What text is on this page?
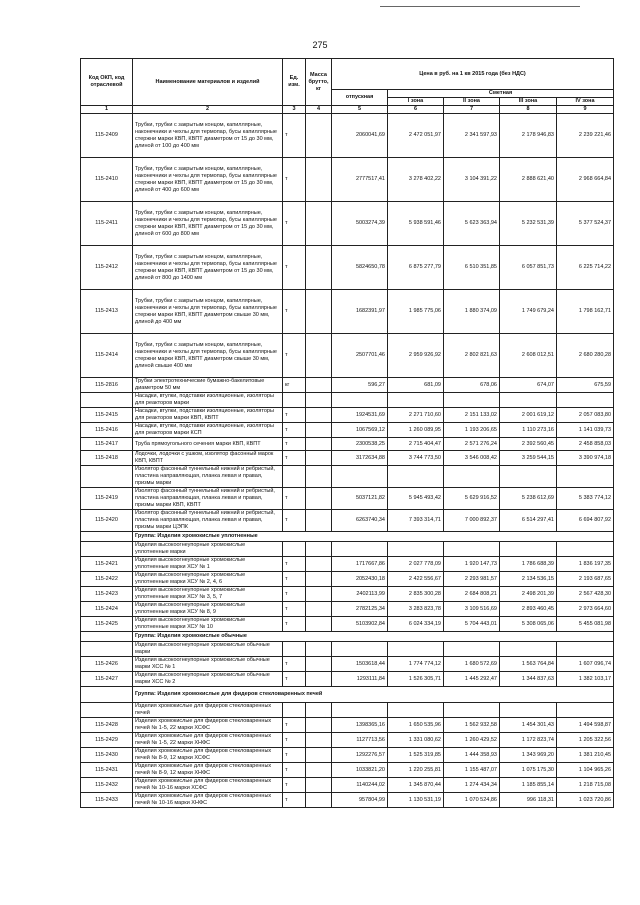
275
Код ОКП, код отраслевой	Наименование материалов и изделий	Ед. изм.	Масса брутто, кг	Цена в руб. на 1 кв 2015 года (без НДС)				
				отпускная	Сметная			
					I зона	II зона	III зона	IV зона
1	2	3	4	5	6	7	8	9
115-2409	Трубки, трубки с закрытым концом, капиллярные, наконечники и чехлы для термопар, бусы капиллярные стержни марки КВП, КВПТ диаметром от 15 до 30 мм, длиной от 100 до 400 мм	т		2060041,69	2 472 051,97	2 341 597,93	2 178 946,83	2 239 221,46
115-2410	Трубки, трубки с закрытым концом, капиллярные, наконечники и чехлы для термопар, бусы капиллярные стержни марки КВП, КВПТ диаметром от 15 до 30 мм, длиной от 400 до 600 мм	т		2777517,41	3 278 402,22	3 104 391,22	2 888 621,40	2 968 664,84
115-2411	Трубки, трубки с закрытым концом, капиллярные, наконечники и чехлы для термопар, бусы капиллярные стержни марки КВП, КВПТ диаметром от 15 до 30 мм, длиной от 600 до 800 мм	т		5003274,39	5 938 591,46	5 623 363,94	5 232 531,39	5 377 524,37
115-2412	Трубки, трубки с закрытым концом, капиллярные, наконечники и чехлы для термопар, бусы капиллярные стержни марки КВП, КВПТ диаметром от 15 до 30 мм, длиной от 800 до 1400 мм	т		5824650,78	6 875 277,79	6 510 351,85	6 057 851,73	6 225 714,22
115-2413	Трубки, трубки с закрытым концом, капиллярные, наконечники и чехлы для термопар, бусы капиллярные стержни марки КВП, КВПТ диаметром свыше 30 мм, длиной до 400 мм	т		1682391,97	1 985 775,06	1 880 374,09	1 749 679,24	1 798 162,71
115-2414	Трубки, трубки с закрытым концом, капиллярные, наконечники и чехлы для термопар, бусы капиллярные стержни марки КВП, КВПТ диаметром свыше 30 мм, длиной свыше 400 мм	т		2507701,46	2 959 926,92	2 802 821,63	2 608 012,51	2 680 280,28
115-2816	Трубки электротехнические бумажно-бакелитовые диаметром 50 мм	кг		596,27	681,09	678,06	674,07	675,59
	Насадки, втулки, подставки изоляционные, изоляторы для реакторов марки							
115-2415	Насадки, втулки, подставки изоляционные, изоляторы для реакторов марки КВП, КВПТ	т		1924531,69	2 271 710,60	2 151 133,02	2 001 619,12	2 057 083,80
115-2416	Насадки, втулки, подставки изоляционные, изоляторы для реакторов марки КСП	т		1067569,12	1 260 089,95	1 193 206,65	1 110 273,16	1 141 039,73
115-2417	Труба прямоугольного сечения марки КВП, КВПТ	т		2300538,25	2 715 404,47	2 571 276,24	2 392 560,45	2 458 858,03
115-2418	Лодочки, лодочки с ушком, изолятор фасонный марок КВП, КВПТ	т		3172634,88	3 744 773,50	3 546 008,42	3 259 544,15	3 390 974,18
	Изолятор фасонный туннельный нижний и ребристый, пластина направляющая, планка левая и правая, призмы марки							
115-2419	Изолятор фасонный туннельный нижний и ребристый, пластина направляющая, планка левая и правая, призмы марки КВП, КВПТ	т		5037121,82	5 945 493,42	5 629 916,52	5 238 612,69	5 383 774,12
115-2420	Изолятор фасонный туннельный нижний и ребристый, пластина направляющая, планка левая и правая, призмы марки ЦЭПК	т		6263740,34	7 393 314,71	7 000 892,37	6 514 297,41	6 694 807,92
	Группа: Изделия хромокислые уплотненные							
	Изделия высокоогнеупорные хромокислые уплотненные марки							
115-2421	Изделия высокоогнеупорные хромокислые уплотненные марки ХСУ № 1	т		1717667,86	2 027 778,09	1 920 147,73	1 786 688,39	1 836 197,35
115-2422	Изделия высокоогнеупорные хромокислые уплотненные марки ХСУ № 2, 4, 6	т		2052430,18	2 422 556,67	2 293 981,57	2 134 536,15	2 193 687,65
115-2423	Изделия высокоогнеупорные хромокислые уплотненные марки ХСУ № 3, 5, 7	т		2402113,99	2 835 300,28	2 684 808,21	2 498 201,39	2 567 428,30
115-2424	Изделия высокоогнеупорные хромокислые уплотненные марки ХСУ № 8, 9	т		2782125,34	3 283 823,78	3 109 516,69	2 893 460,45	2 973 664,60
115-2425	Изделия высокоогнеупорные хромокислые уплотненные марки ХСУ № 10	т		5103902,84	6 024 334,19	5 704 443,01	5 308 065,06	5 455 081,98
	Группа: Изделия хромокислые обычные							
	Изделия высокоогнеупорные хромокислые обычные марки							
115-2426	Изделия высокоогнеупорные хромокислые обычные марки ХСС № 1	т		1503618,44	1 774 774,12	1 680 572,69	1 563 764,84	1 607 096,74
115-2427	Изделия высокоогнеупорные хромокислые обычные марки ХСС № 2	т		1293111,84	1 526 305,71	1 445 292,47	1 344 837,63	1 382 103,17
	Группа: Изделия хромокислые для фидеров стекловаренных печей							
	Изделия хромокислые для фидеров стекловаренных печей							
115-2428	Изделия хромокислые для фидеров стекловаренных печей № 1-5, 22 марки ХСФС	т		1398365,16	1 650 535,96	1 562 932,58	1 454 301,43	1 494 598,87
115-2429	Изделия хромокислые для фидеров стекловаренных печей № 1-5, 22 марки ХНФС	т		1127713,56	1 331 080,62	1 260 429,52	1 172 823,74	1 205 322,56
115-2430	Изделия хромокислые для фидеров стекловаренных печей № 8-9, 12 марки ХСФС	т		1292276,57	1 525 319,85	1 444 358,93	1 343 969,20	1 381 210,45
115-2431	Изделия хромокислые для фидеров стекловаренных печей № 8-9, 12 марки ХНФС	т		1033821,20	1 220 255,81	1 155 487,07	1 075 175,30	1 104 965,26
115-2432	Изделия хромокислые для фидеров стекловаренных печей № 10-16 марки ХСФС	т		1140244,02	1 345 870,44	1 274 434,34	1 185 855,14	1 218 715,08
115-2433	Изделия хромокислые для фидеров стекловаренных печей № 10-16 марки ХНФС	т		957804,99	1 130 531,19	1 070 524,86	996 118,31	1 023 720,86
